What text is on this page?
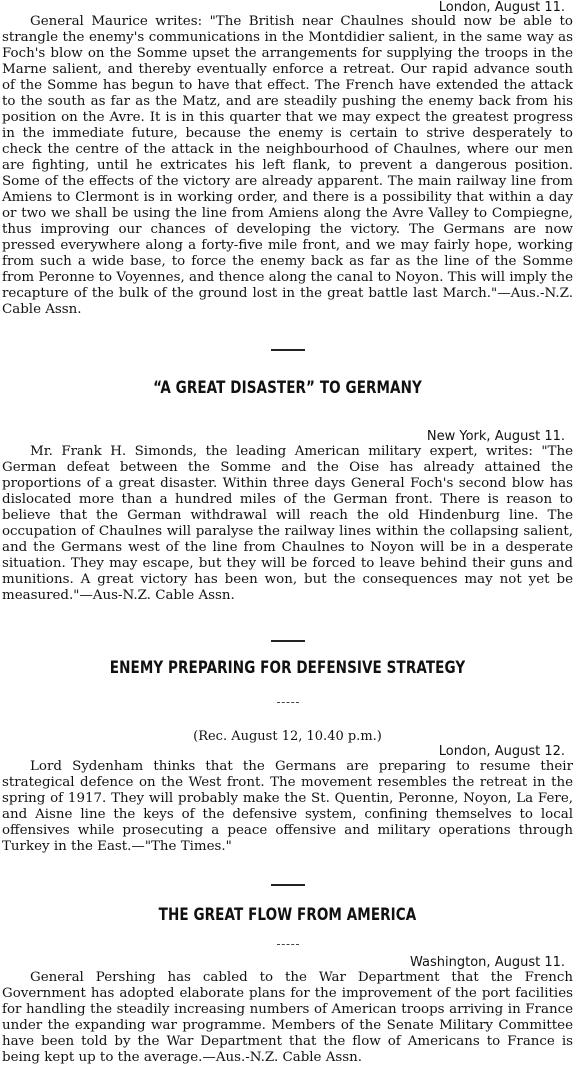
London, August 11.

General Maurice writes: "The British near Chaulnes should now be able to strangle the enemy's communications in the Montdidier salient, in the same way as Foch's blow on the Somme upset the arrangements for supplying the troops in the Marne salient, and thereby eventually enforce a retreat. Our rapid advance south of the Somme has begun to have that effect. The French have extended the attack to the south as far as the Matz, and are steadily pushing the enemy back from his position on the Avre. It is in this quarter that we may expect the greatest progress in the immediate future, because the enemy is certain to strive desperately to check the centre of the attack in the neighbourhood of Chaulnes, where our men are fighting, until he extricates his left flank, to prevent a dangerous position. Some of the effects of the victory are already apparent. The main railway line from Amiens to Clermont is in working order, and there is a possibility that within a day or two we shall be using the line from Amiens along the Avre Valley to Compiegne, thus improving our chances of developing the victory. The Germans are now pressed everywhere along a forty-five mile front, and we may fairly hope, working from such a wide base, to force the enemy back as far as the line of the Somme from Peronne to Voyennes, and thence along the canal to Noyon. This will imply the recapture of the bulk of the ground lost in the great battle last March."—Aus.-N.Z. Cable Assn.

“A GREAT DISASTER” TO GERMANY

New York, August 11.

Mr. Frank H. Simonds, the leading American military expert, writes: "The German defeat between the Somme and the Oise has already attained the proportions of a great disaster. Within three days General Foch's second blow has dislocated more than a hundred miles of the German front. There is reason to believe that the German withdrawal will reach the old Hindenburg line. The occupation of Chaulnes will paralyse the railway lines within the collapsing salient, and the Germans west of the line from Chaulnes to Noyon will be in a desperate situation. They may escape, but they will be forced to leave behind their guns and munitions. A great victory has been won, but the consequences may not yet be measured."—Aus-N.Z. Cable Assn.

ENEMY PREPARING FOR DEFENSIVE STRATEGY

(Rec. August 12, 10.40 p.m.)

London, August 12.

Lord Sydenham thinks that the Germans are preparing to resume their strategical defence on the West front. The movement resembles the retreat in the spring of 1917. They will probably make the St. Quentin, Peronne, Noyon, La Fere, and Aisne line the keys of the defensive system, confining themselves to local offensives while prosecuting a peace offensive and military operations through Turkey in the East.—"The Times."

THE GREAT FLOW FROM AMERICA

Washington, August 11.

General Pershing has cabled to the War Department that the French Government has adopted elaborate plans for the improvement of the port facilities for handling the steadily increasing numbers of American troops arriving in France under the expanding war programme. Members of the Senate Military Committee have been told by the War Department that the flow of Americans to France is being kept up to the average.—Aus.-N.Z. Cable Assn.
